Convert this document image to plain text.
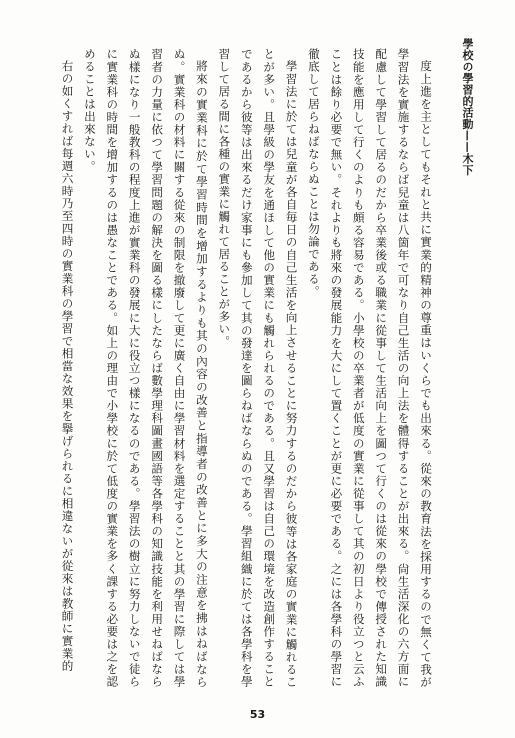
學校の學習的活動——木下

度上進を主としてもそれと共に實業的精神の尊重はいくらでも出來る。從來の教育法を採用するので無くて我が學習法を實施するならば兒童は八箇年で可なり自己生活の向上法を體得することが出來る。尙生活深化の六方面に配慮して學習して居るのだから卒業後或る職業に從事して生活向上を圖つて行くのは從來の學校で傳授された知識技能を應用して行くのよりも頗る容易である。小學校の卒業者が低度の實業に從事して其の初日より役立つと云ふことは餘り必要で無い。それよりも將來の發展能力を大にして置くことが更に必要である。之には各學科の學習に徹底して居らねばならぬことは勿論である。

學習法に於ては兒童が各自毎日の自己生活を向上させることに努力するのだから彼等は各家庭の實業に觸れることが多い。且學級の學友を通ほして他の實業にも觸れられるのである。且又學習は自己の環境を改造創作することであるから彼等は出來るだけ家事にも參加して其の發達を圖らねばならぬのである。學習組織に於ては各學科を學習して居る間に各種の實業に觸れて居ることが多い。

將來の實業科に於て學習時間を增加するよりも其の內容の改善と指導者の改善とに多大の注意を拂はねばならぬ。實業科の材料に關する從來の制限を撤廢して更に廣く自由に學習材料を選定することと其の學習に際しては學習者の力量に依つて學習問題の解決を圖る樣にしたならば數學理科圖畫國語等各學科の知識技能を利用せねばならぬ樣になり一般教科の程度上進が實業科の發展に大に役立つ樣になるのである。學習法の樹立に努力しないで徒らに實業科の時間を增加するのは愚なことである。如上の理由で小學校に於て低度の實業を多く課する必要は之を認めることは出來ない。

右の如くすれば每週六時乃至四時の實業科の學習で相當な效果を擧げられるに相違ないが從來は教師に實業的

53
